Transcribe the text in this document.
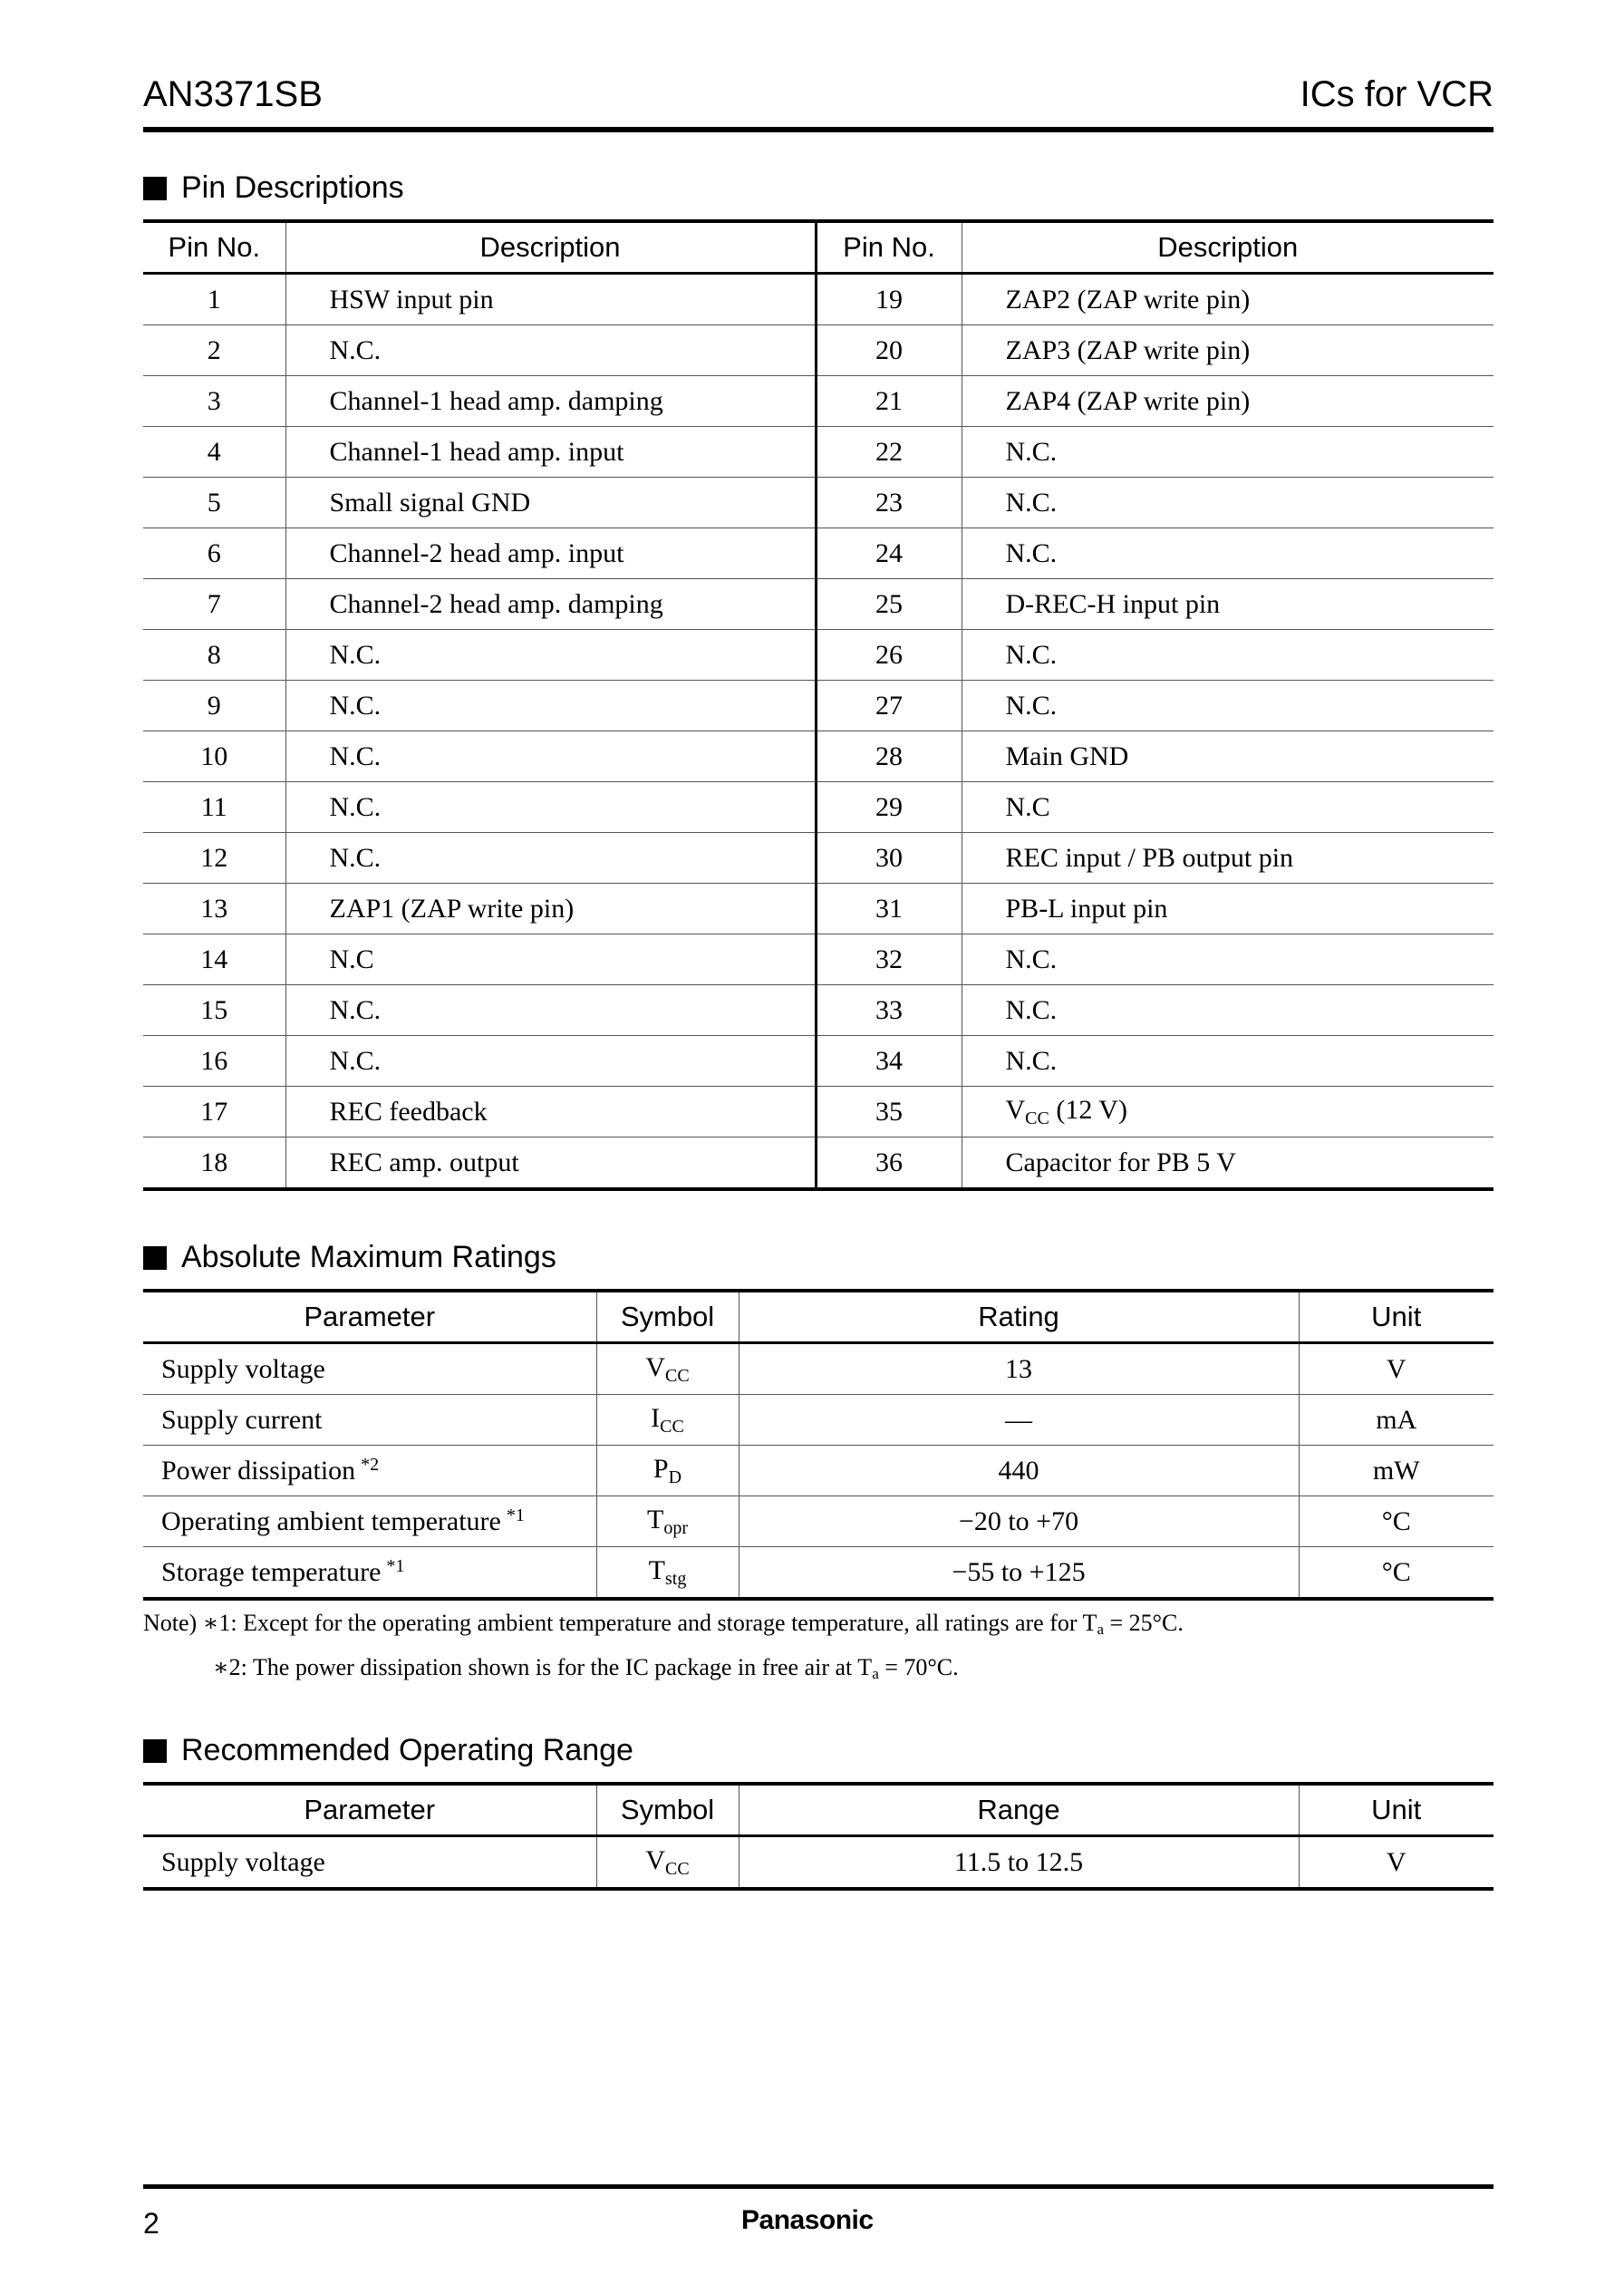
AN3371SB	ICs for VCR
Pin Descriptions
Pin No.	Description	Pin No.	Description
1	HSW input pin	19	ZAP2 (ZAP write pin)
2	N.C.	20	ZAP3 (ZAP write pin)
3	Channel-1 head amp. damping	21	ZAP4 (ZAP write pin)
4	Channel-1 head amp. input	22	N.C.
5	Small signal GND	23	N.C.
6	Channel-2 head amp. input	24	N.C.
7	Channel-2 head amp. damping	25	D-REC-H input pin
8	N.C.	26	N.C.
9	N.C.	27	N.C.
10	N.C.	28	Main GND
11	N.C.	29	N.C
12	N.C.	30	REC input / PB output pin
13	ZAP1 (ZAP write pin)	31	PB-L input pin
14	N.C	32	N.C.
15	N.C.	33	N.C.
16	N.C.	34	N.C.
17	REC feedback	35	$V_{CC}$ (12 V)
18	REC amp. output	36	Capacitor for PB 5 V
Absolute Maximum Ratings
Parameter	Symbol	Rating	Unit
Supply voltage	$V_{CC}$	13	V
Supply current	$I_{CC}$	—	mA
Power dissipation $^{*2}$	$P_D$	440	mW
Operating ambient temperature $^{*1}$	$T_{opr}$	−20 to +70	°C
Storage temperature $^{*1}$	$T_{stg}$	−55 to +125	°C
Note) ∗1: Except for the operating ambient temperature and storage temperature, all ratings are for $T_a = 25^\circ C$.
∗2: The power dissipation shown is for the IC package in free air at $T_a = 70^\circ C$.
Recommended Operating Range
Parameter	Symbol	Range	Unit
Supply voltage	$V_{CC}$	11.5 to 12.5	V
2	Panasonic
